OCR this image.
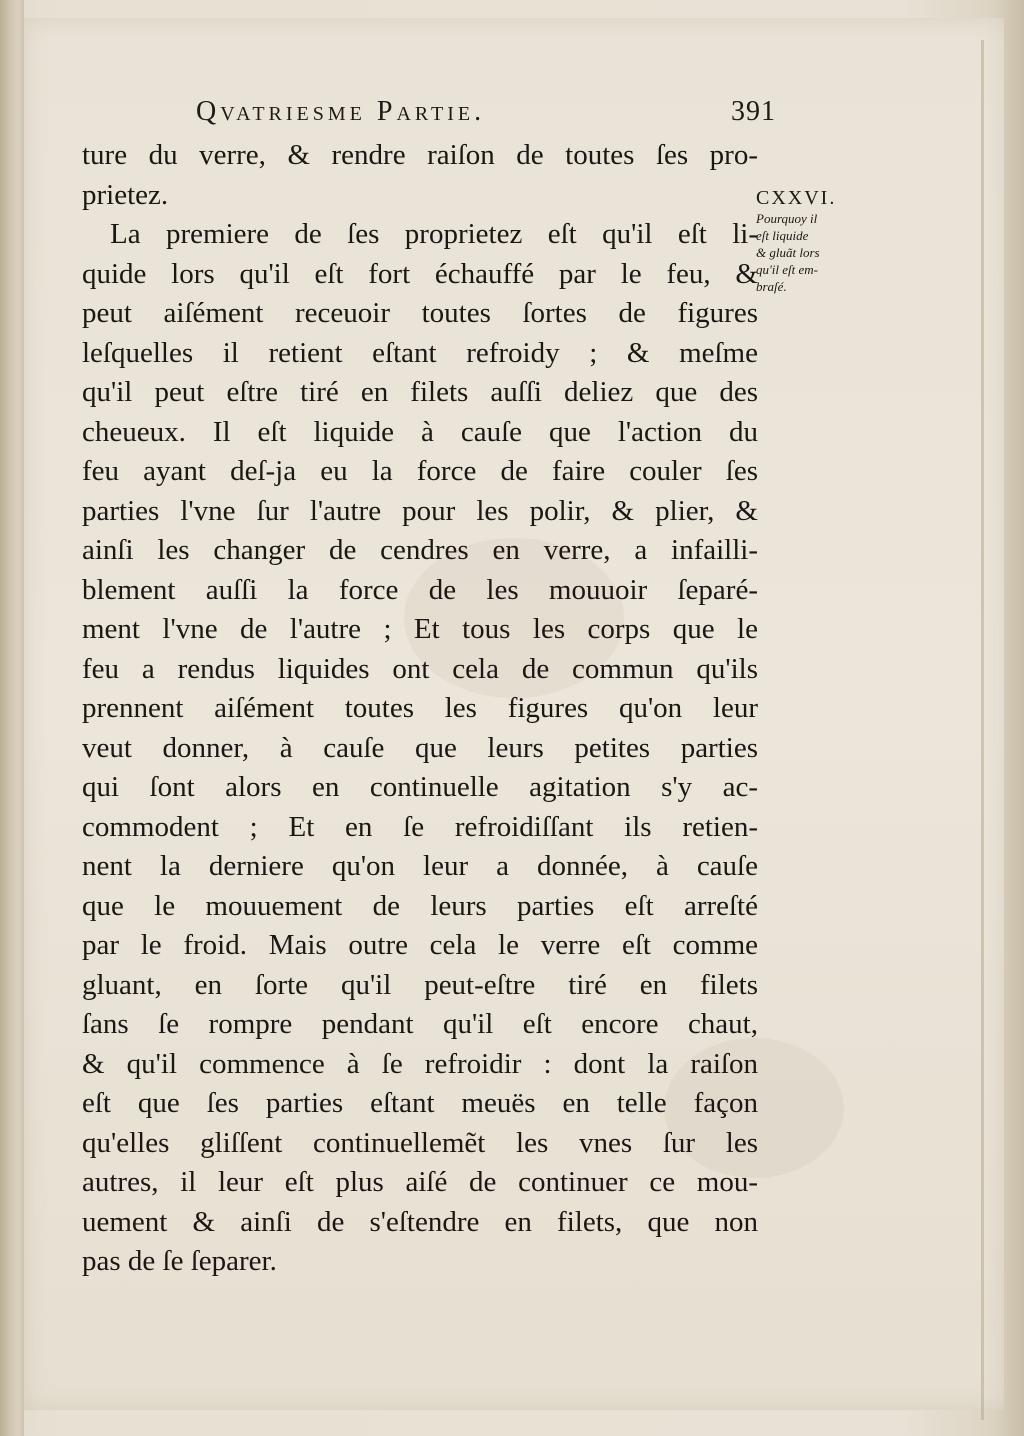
Qvatriesme Partie.	391
ture du verre, & rendre raiſon de toutes ſes pro-
prietez.
La premiere de ſes proprietez eſt qu'il eſt li-
quide lors qu'il eſt fort échauffé par le feu, &
peut aiſément receuoir toutes ſortes de figures
leſquelles il retient eſtant refroidy ; & meſme
qu'il peut eſtre tiré en filets auſſi deliez que des
cheueux. Il eſt liquide à cauſe que l'action du
feu ayant deſ-ja eu la force de faire couler ſes
parties l'vne ſur l'autre pour les polir, & plier, &
ainſi les changer de cendres en verre, a infailli-
blement auſſi la force de les mouuoir ſeparé-
ment l'vne de l'autre ; Et tous les corps que le
feu a rendus liquides ont cela de commun qu'ils
prennent aiſément toutes les figures qu'on leur
veut donner, à cauſe que leurs petites parties
qui ſont alors en continuelle agitation s'y ac-
commodent ; Et en ſe refroidiſſant ils retien-
nent la derniere qu'on leur a donnée, à cauſe
que le mouuement de leurs parties eſt arreſté
par le froid. Mais outre cela le verre eſt comme
gluant, en ſorte qu'il peut-eſtre tiré en filets
ſans ſe rompre pendant qu'il eſt encore chaut,
& qu'il commence à ſe refroidir : dont la raiſon
eſt que ſes parties eſtant meuës en telle façon
qu'elles gliſſent continuellemẽt les vnes ſur les
autres, il leur eſt plus aiſé de continuer ce mou-
uement & ainſi de s'eſtendre en filets, que non
pas de ſe ſeparer.
CXXVI.
Pourquoy il
eſt liquide
& gluãt lors
qu'il eſt em-
braſé.
